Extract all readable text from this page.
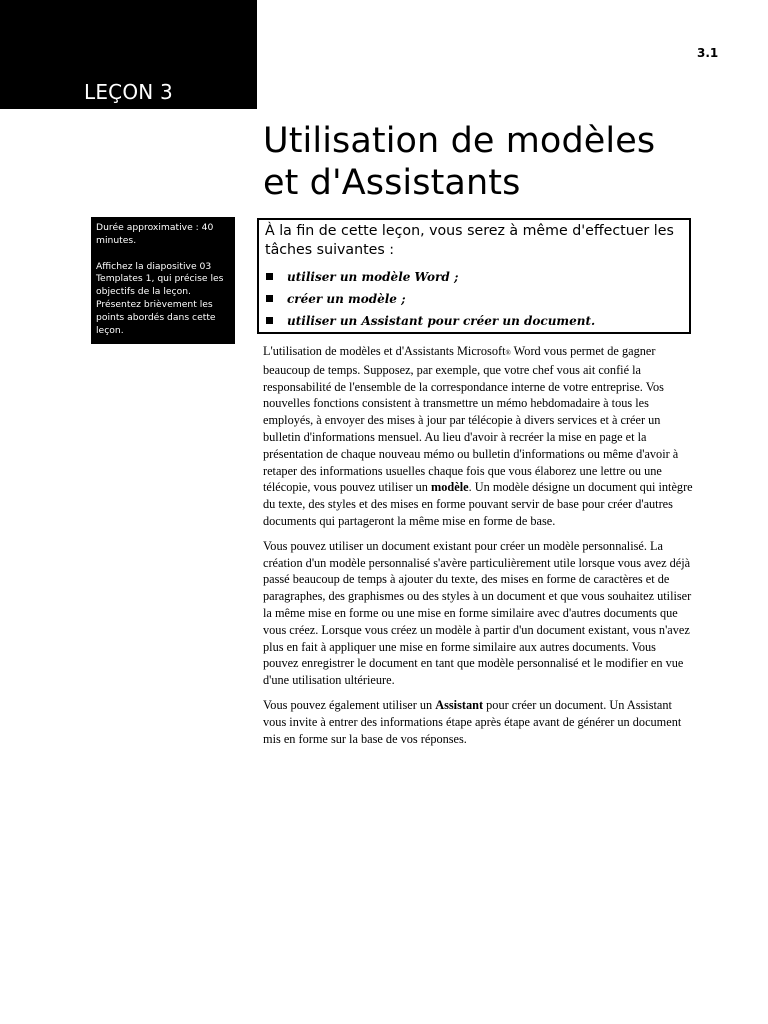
LEÇON 3
3.1
Utilisation de modèles
et d'Assistants

Durée approximative : 40 minutes.

Affichez la diapositive 03 Templates 1, qui précise les objectifs de la leçon. Présentez brièvement les points abordés dans cette leçon.

À la fin de cette leçon, vous serez à même d'effectuer les tâches suivantes :

utiliser un modèle Word ;
créer un modèle ;
utiliser un Assistant pour créer un document.

L'utilisation de modèles et d'Assistants Microsoft® Word vous permet de gagner beaucoup de temps. Supposez, par exemple, que votre chef vous ait confié la responsabilité de l'ensemble de la correspondance interne de votre entreprise. Vos nouvelles fonctions consistent à transmettre un mémo hebdomadaire à tous les employés, à envoyer des mises à jour par télécopie à divers services et à créer un bulletin d'informations mensuel. Au lieu d'avoir à recréer la mise en page et la présentation de chaque nouveau mémo ou bulletin d'informations ou même d'avoir à retaper des informations usuelles chaque fois que vous élaborez une lettre ou une télécopie, vous pouvez utiliser un modèle. Un modèle désigne un document qui intègre du texte, des styles et des mises en forme pouvant servir de base pour créer d'autres documents qui partageront la même mise en forme de base.

Vous pouvez utiliser un document existant pour créer un modèle personnalisé. La création d'un modèle personnalisé s'avère particulièrement utile lorsque vous avez déjà passé beaucoup de temps à ajouter du texte, des mises en forme de caractères et de paragraphes, des graphismes ou des styles à un document et que vous souhaitez utiliser la même mise en forme ou une mise en forme similaire avec d'autres documents que vous créez. Lorsque vous créez un modèle à partir d'un document existant, vous n'avez plus en fait à appliquer une mise en forme similaire aux autres documents. Vous pouvez enregistrer le document en tant que modèle personnalisé et le modifier en vue d'une utilisation ultérieure.

Vous pouvez également utiliser un Assistant pour créer un document. Un Assistant vous invite à entrer des informations étape après étape avant de générer un document mis en forme sur la base de vos réponses.
